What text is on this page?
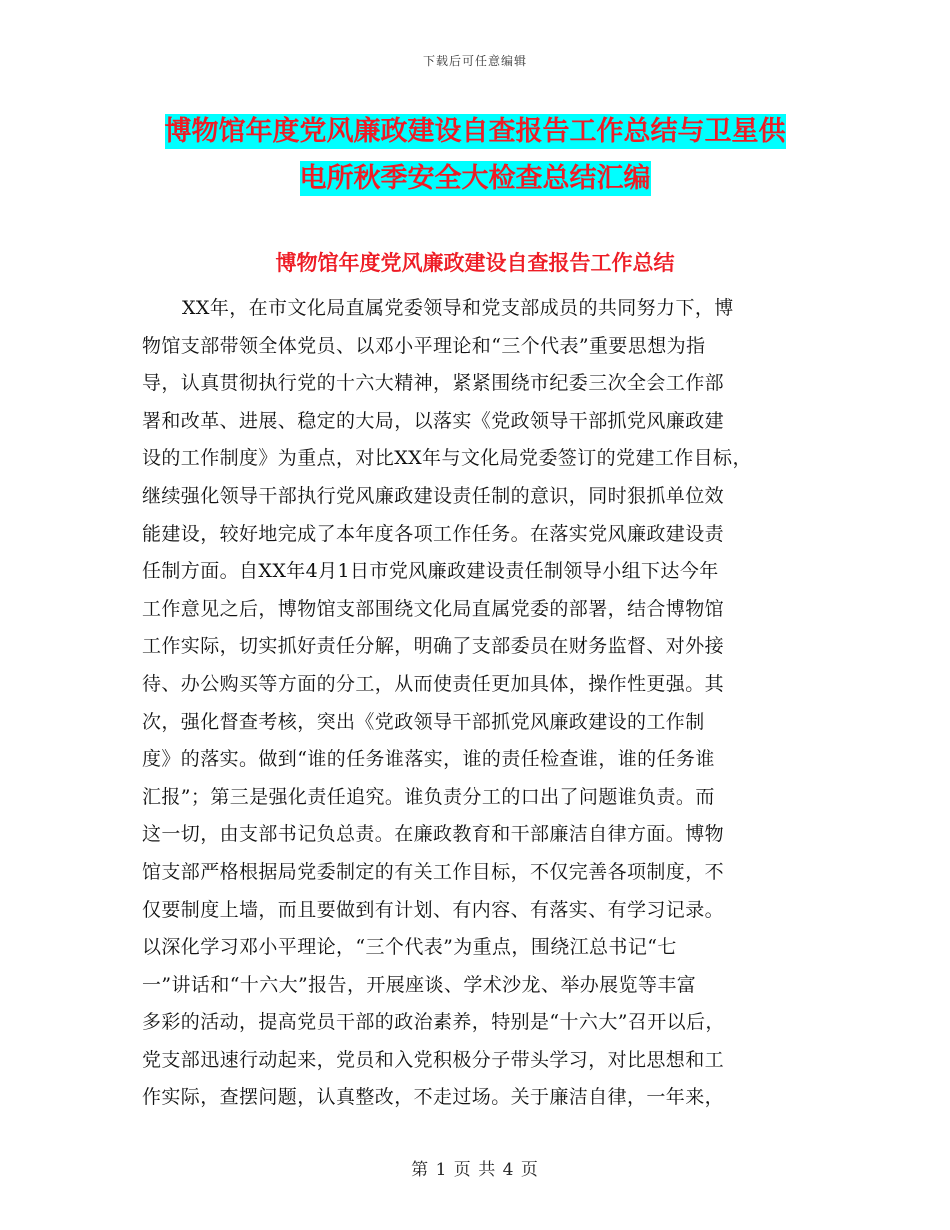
下载后可任意编辑
博物馆年度党风廉政建设自查报告工作总结与卫星供
电所秋季安全大检查总结汇编
博物馆年度党风廉政建设自查报告工作总结
XX年，在市文化局直属党委领导和党支部成员的共同努力下，博
物馆支部带领全体党员、以邓小平理论和“三个代表”重要思想为指
导，认真贯彻执行党的十六大精神，紧紧围绕市纪委三次全会工作部
署和改革、进展、稳定的大局，以落实《党政领导干部抓党风廉政建
设的工作制度》为重点，对比XX年与文化局党委签订的党建工作目标，
继续强化领导干部执行党风廉政建设责任制的意识，同时狠抓单位效
能建设，较好地完成了本年度各项工作任务。在落实党风廉政建设责
任制方面。自XX年4月1日市党风廉政建设责任制领导小组下达今年
工作意见之后，博物馆支部围绕文化局直属党委的部署，结合博物馆
工作实际，切实抓好责任分解，明确了支部委员在财务监督、对外接
待、办公购买等方面的分工，从而使责任更加具体，操作性更强。其
次，强化督查考核，突出《党政领导干部抓党风廉政建设的工作制
度》的落实。做到“谁的任务谁落实，谁的责任检查谁，谁的任务谁
汇报”；第三是强化责任追究。谁负责分工的口出了问题谁负责。而
这一切，由支部书记负总责。在廉政教育和干部廉洁自律方面。博物
馆支部严格根据局党委制定的有关工作目标，不仅完善各项制度，不
仅要制度上墙，而且要做到有计划、有内容、有落实、有学习记录。
以深化学习邓小平理论，“三个代表”为重点，围绕江总书记“七
一”讲话和“十六大”报告，开展座谈、学术沙龙、举办展览等丰富
多彩的活动，提高党员干部的政治素养，特别是“十六大”召开以后，
党支部迅速行动起来，党员和入党积极分子带头学习，对比思想和工
作实际，查摆问题，认真整改，不走过场。关于廉洁自律，一年来，
第 1 页 共 4 页
